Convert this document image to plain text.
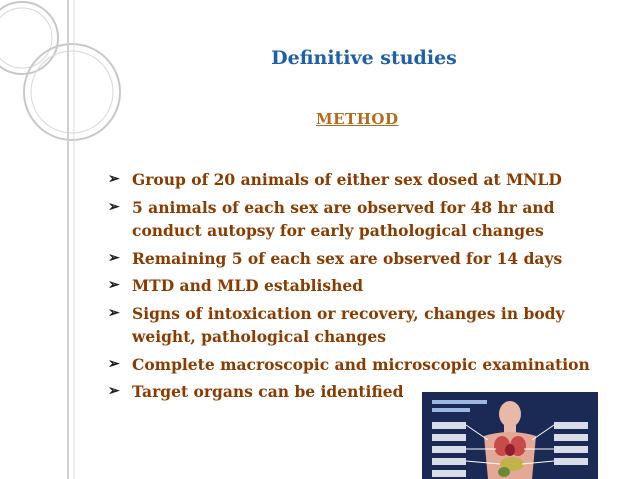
Definitive studies
METHOD
➢ Group of 20 animals of either sex dosed at MNLD
➢ 5 animals of each sex are observed for 48 hr and conduct autopsy for early pathological changes
➢ Remaining 5 of each sex are observed for 14 days
➢ MTD and MLD established
➢ Signs of intoxication or recovery, changes in body weight, pathological changes
➢ Complete macroscopic and microscopic examination
➢ Target organs can be identified
